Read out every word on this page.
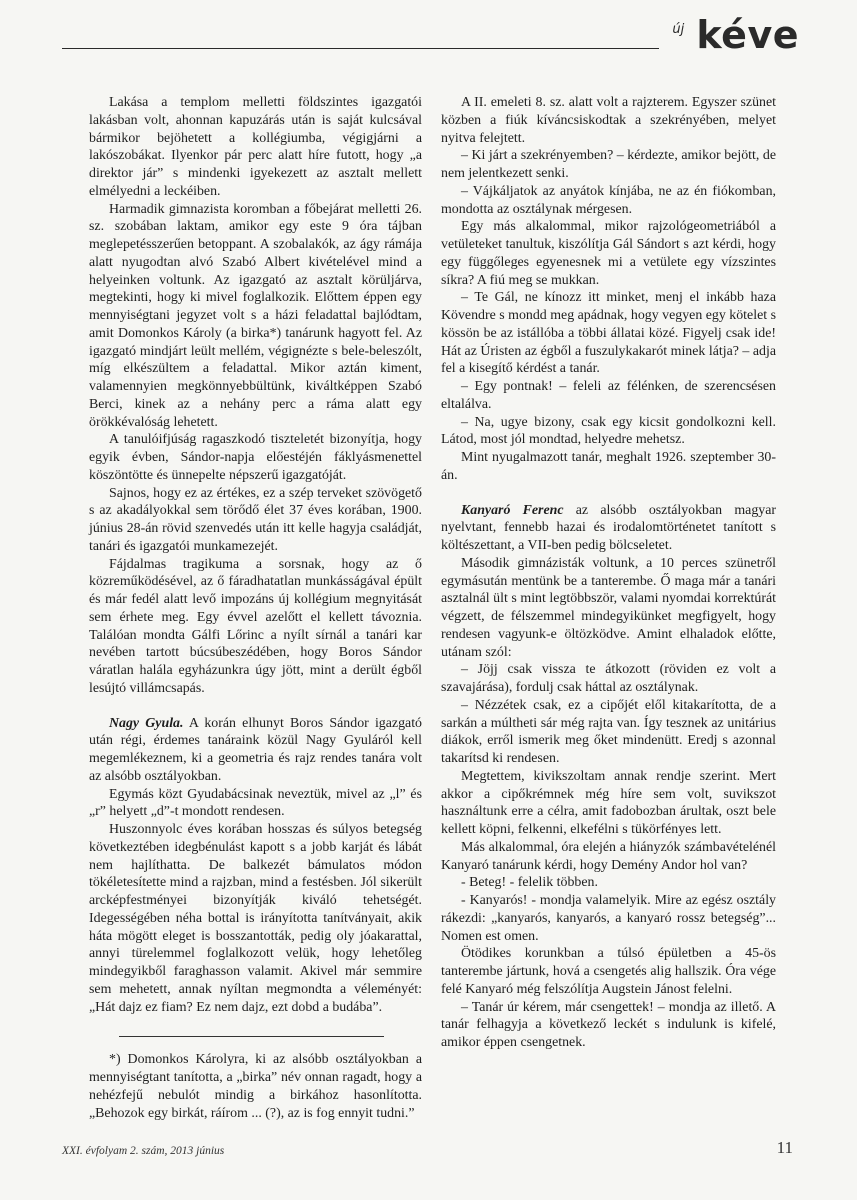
új kéve

Lakása a templom melletti földszintes igazgatói lakásban volt, ahonnan kapuzárás után is saját kulcsával bármikor bejöhetett a kollégiumba, végigjárni a lakószobákat. Ilyenkor pár perc alatt híre futott, hogy „a direktor jár” s mindenki igyekezett az asztalt mellett elmélyedni a leckéiben.

Harmadik gimnazista koromban a főbejárat melletti 26. sz. szobában laktam, amikor egy este 9 óra tájban meglepetésszerűen betoppant. A szobalakók, az ágy rámája alatt nyugodtan alvó Szabó Albert kivételével mind a helyeinken voltunk. Az igazgató az asztalt körüljárva, megtekinti, hogy ki mivel foglalkozik. Előttem éppen egy mennyiségtani jegyzet volt s a házi feladattal bajlódtam, amit Domonkos Károly (a birka*) tanárunk hagyott fel. Az igazgató mindjárt leült mellém, végignézte s bele-beleszólt, míg elkészültem a feladattal. Mikor aztán kiment, valamennyien megkönnyebbültünk, kiváltképpen Szabó Berci, kinek az a nehány perc a ráma alatt egy örökkévalóság lehetett.

A tanulóifjúság ragaszkodó tiszteletét bizonyítja, hogy egyik évben, Sándor-napja előestéjén fáklyásmenettel köszöntötte és ünnepelte népszerű igazgatóját.

Sajnos, hogy ez az értékes, ez a szép terveket szövögető s az akadályokkal sem törődő élet 37 éves korában, 1900. június 28-án rövid szenvedés után itt kelle hagyja családját, tanári és igazgatói munkamezejét.

Fájdalmas tragikuma a sorsnak, hogy az ő közreműködésével, az ő fáradhatatlan munkásságával épült és már fedél alatt levő impozáns új kollégium megnyitását sem érhete meg. Egy évvel azelőtt el kellett távoznia. Találóan mondta Gálfi Lőrinc a nyílt sírnál a tanári kar nevében tartott búcsúbeszédében, hogy Boros Sándor váratlan halála egyházunkra úgy jött, mint a derült égből lesújtó villámcsapás.

Nagy Gyula. A korán elhunyt Boros Sándor igazgató után régi, érdemes tanáraink közül Nagy Gyuláról kell megemlékeznem, ki a geometria és rajz rendes tanára volt az alsóbb osztályokban.

Egymás közt Gyudabácsinak neveztük, mivel az „l” és „r” helyett „d”-t mondott rendesen.

Huszonnyolc éves korában hosszas és súlyos betegség következtében idegbénulást kapott s a jobb karját és lábát nem hajlíthatta. De balkezét bámulatos módon tökéletesítette mind a rajzban, mind a festésben. Jól sikerült arcképfestményei bizonyítják kiváló tehetségét. Idegességében néha bottal is irányította tanítványait, akik háta mögött eleget is bosszantották, pedig oly jóakarattal, annyi türelemmel foglalkozott velük, hogy lehetőleg mindegyikből faraghasson valamit. Akivel már semmire sem mehetett, annak nyíltan megmondta a véleményét: „Hát dajz ez fiam? Ez nem dajz, ezt dobd a budába”.

*) Domonkos Károlyra, ki az alsóbb osztályokban a mennyiségtant tanította, a „birka” név onnan ragadt, hogy a nehézfejű nebulót mindig a birkához hasonlította. „Behozok egy birkát, ráírom ... (?), az is fog ennyit tudni.”

A II. emeleti 8. sz. alatt volt a rajzterem. Egyszer szünet közben a fiúk kíváncsiskodtak a szekrényében, melyet nyitva felejtett.

– Ki járt a szekrényemben? – kérdezte, amikor bejött, de nem jelentkezett senki.

– Vájkáljatok az anyátok kínjába, ne az én fiókomban, mondotta az osztálynak mérgesen.

Egy más alkalommal, mikor rajzológeometriából a vetületeket tanultuk, kiszólítja Gál Sándort s azt kérdi, hogy egy függőleges egyenesnek mi a vetülete egy vízszintes síkra? A fiú meg se mukkan.

– Te Gál, ne kínozz itt minket, menj el inkább haza Kövendre s mondd meg apádnak, hogy vegyen egy kötelet s kössön be az istállóba a többi állatai közé. Figyelj csak ide! Hát az Úristen az égből a fuszulykakarót minek látja? – adja fel a kisegítő kérdést a tanár.

– Egy pontnak! – feleli az félénken, de szerencsésen eltalálva.

– Na, ugye bizony, csak egy kicsit gondolkozni kell. Látod, most jól mondtad, helyedre mehetsz.

Mint nyugalmazott tanár, meghalt 1926. szeptember 30-án.

Kanyaró Ferenc az alsóbb osztályokban magyar nyelvtant, fennebb hazai és irodalomtörténetet tanított s költészettant, a VII-ben pedig bölcseletet.

Második gimnázisták voltunk, a 10 perces szünetről egymásután mentünk be a tanterembe. Ő maga már a tanári asztalnál ült s mint legtöbbször, valami nyomdai korrektúrát végzett, de félszemmel mindegyikünket megfigyelt, hogy rendesen vagyunk-e öltözködve. Amint elhaladok előtte, utánam szól:

– Jöjj csak vissza te átkozott (röviden ez volt a szavajárása), fordulj csak háttal az osztálynak.

– Nézzétek csak, ez a cipőjét elől kitakarította, de a sarkán a múltheti sár még rajta van. Így tesznek az unitárius diákok, erről ismerik meg őket mindenütt. Eredj s azonnal takarítsd ki rendesen.

Megtettem, kivikszoltam annak rendje szerint. Mert akkor a cipőkrémnek még híre sem volt, suvikszot használtunk erre a célra, amit fadobozban árultak, oszt bele kellett köpni, felkenni, elkefélni s tükörfényes lett.

Más alkalommal, óra elején a hiányzók számbavételénél Kanyaró tanárunk kérdi, hogy Demény Andor hol van?

- Beteg! - felelik többen.

- Kanyarós! - mondja valamelyik. Mire az egész osztály rákezdi: „kanyarós, kanyarós, a kanyaró rossz betegség”... Nomen est omen.

Ötödikes korunkban a túlsó épületben a 45-ös tanterembe jártunk, hová a csengetés alig hallszik. Óra vége felé Kanyaró még felszólítja Augstein Jánost felelni.

– Tanár úr kérem, már csengettek! – mondja az illető. A tanár felhagyja a következő leckét s indulunk is kifelé, amikor éppen csengetnek.

XXI. évfolyam 2. szám, 2013 június	11
